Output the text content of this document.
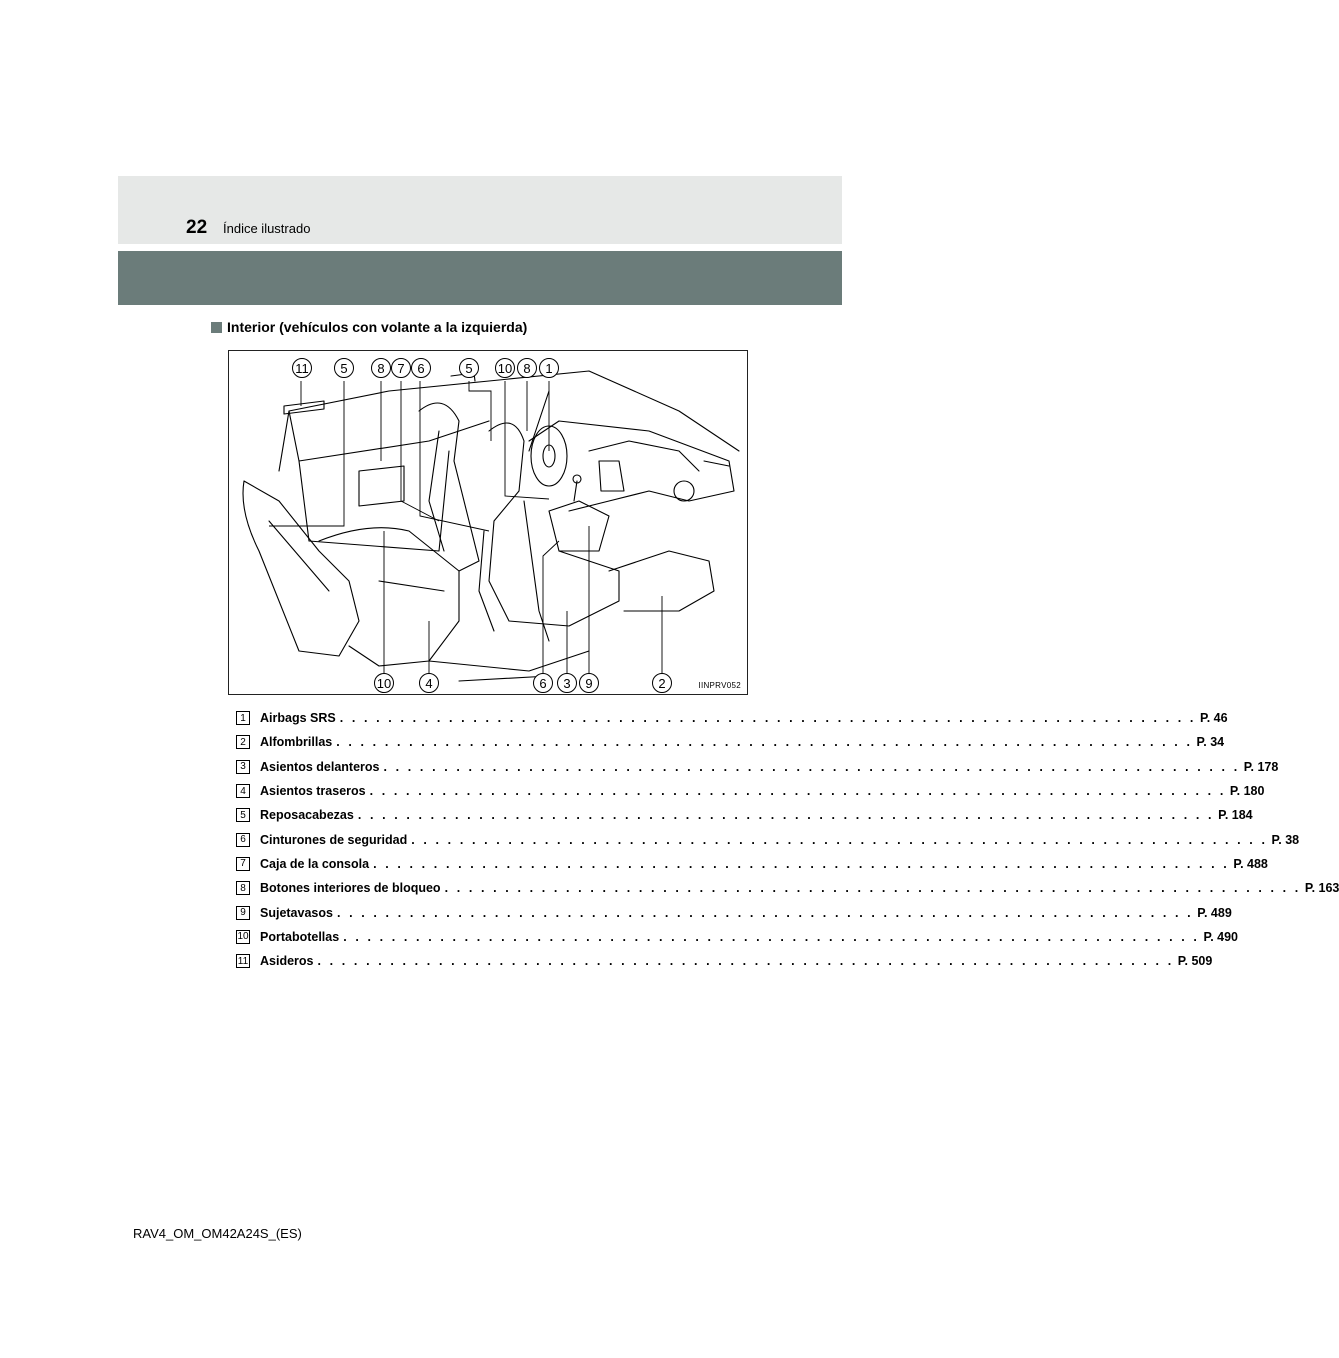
22 Índice ilustrado
Interior (vehículos con volante a la izquierda)
11	5	8 7 6	5	10 8	1
10	4	6	3	9	2	IINPRV052
1	Airbags SRS . . . . . . . . . . . . . . . . . . . . . . . . . . . . . . . . . . . . . . . . . . . . . . . . . . . . . . . . . . . . . . . . . . . . . . . P. 46
2	Alfombrillas . . . . . . . . . . . . . . . . . . . . . . . . . . . . . . . . . . . . . . . . . . . . . . . . . . . . . . . . . . . . . . . . . . . . . . . P. 34
3	Asientos delanteros . . . . . . . . . . . . . . . . . . . . . . . . . . . . . . . . . . . . . . . . . . . . . . . . . . . . . . . . . . . . . . . . . . . . . . . P. 178
4	Asientos traseros . . . . . . . . . . . . . . . . . . . . . . . . . . . . . . . . . . . . . . . . . . . . . . . . . . . . . . . . . . . . . . . . . . . . . . . P. 180
5	Reposacabezas . . . . . . . . . . . . . . . . . . . . . . . . . . . . . . . . . . . . . . . . . . . . . . . . . . . . . . . . . . . . . . . . . . . . . . . P. 184
6	Cinturones de seguridad . . . . . . . . . . . . . . . . . . . . . . . . . . . . . . . . . . . . . . . . . . . . . . . . . . . . . . . . . . . . . . . . . . . . . . . P. 38
7	Caja de la consola . . . . . . . . . . . . . . . . . . . . . . . . . . . . . . . . . . . . . . . . . . . . . . . . . . . . . . . . . . . . . . . . . . . . . . . P. 488
8	Botones interiores de bloqueo . . . . . . . . . . . . . . . . . . . . . . . . . . . . . . . . . . . . . . . . . . . . . . . . . . . . . . . . . . . . . . . . . . . . . . . P. 163
9	Sujetavasos . . . . . . . . . . . . . . . . . . . . . . . . . . . . . . . . . . . . . . . . . . . . . . . . . . . . . . . . . . . . . . . . . . . . . . . P. 489
10 Portabotellas . . . . . . . . . . . . . . . . . . . . . . . . . . . . . . . . . . . . . . . . . . . . . . . . . . . . . . . . . . . . . . . . . . . . . . . P. 490
11 Asideros . . . . . . . . . . . . . . . . . . . . . . . . . . . . . . . . . . . . . . . . . . . . . . . . . . . . . . . . . . . . . . . . . . . . . . . P. 509
RAV4_OM_OM42A24S_(ES)
